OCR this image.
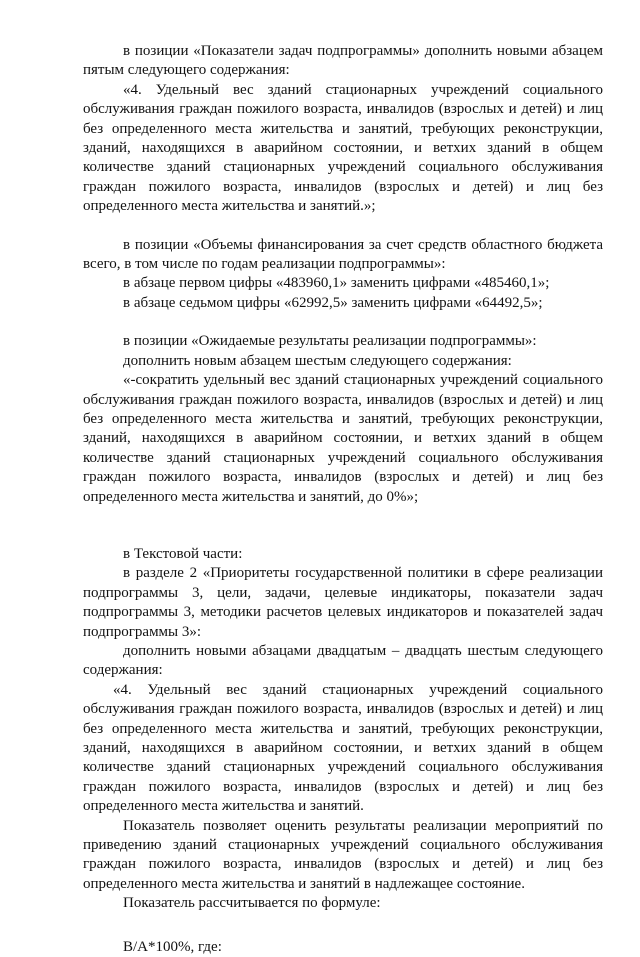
в позиции «Показатели задач подпрограммы» дополнить новыми абзацем пятым следующего содержания:

«4. Удельный вес зданий стационарных учреждений социального обслуживания граждан пожилого возраста, инвалидов (взрослых и детей) и лиц без определенного места жительства и занятий, требующих реконструкции, зданий, находящихся в аварийном состоянии, и ветхих зданий в общем количестве зданий стационарных учреждений социального обслуживания граждан пожилого возраста, инвалидов (взрослых и детей) и лиц без определенного места жительства и занятий.»;

в позиции «Объемы финансирования за счет средств областного бюджета всего, в том числе по годам реализации подпрограммы»:

в абзаце первом цифры «483960,1» заменить цифрами «485460,1»;

в абзаце седьмом цифры «62992,5» заменить цифрами «64492,5»;

в позиции «Ожидаемые результаты реализации подпрограммы»:

дополнить новым абзацем шестым следующего содержания:

«-сократить удельный вес зданий стационарных учреждений социального обслуживания граждан пожилого возраста, инвалидов (взрослых и детей) и лиц без определенного места жительства и занятий, требующих реконструкции, зданий, находящихся в аварийном состоянии, и ветхих зданий в общем количестве зданий стационарных учреждений социального обслуживания граждан пожилого возраста, инвалидов (взрослых и детей) и лиц без определенного места жительства и занятий, до 0%»;

в Текстовой части:

в разделе 2 «Приоритеты государственной политики в сфере реализации подпрограммы 3, цели, задачи, целевые индикаторы, показатели задач подпрограммы 3, методики расчетов целевых индикаторов и показателей задач подпрограммы 3»:

дополнить новыми абзацами двадцатым – двадцать шестым следующего содержания:

«4. Удельный вес зданий стационарных учреждений социального обслуживания граждан пожилого возраста, инвалидов (взрослых и детей) и лиц без определенного места жительства и занятий, требующих реконструкции, зданий, находящихся в аварийном состоянии, и ветхих зданий в общем количестве зданий стационарных учреждений социального обслуживания граждан пожилого возраста, инвалидов (взрослых и детей) и лиц без определенного места жительства и занятий.

Показатель позволяет оценить результаты реализации мероприятий по приведению зданий стационарных учреждений социального обслуживания граждан пожилого возраста, инвалидов (взрослых и детей) и лиц без определенного места жительства и занятий в надлежащее состояние.

Показатель рассчитывается по формуле:

В/А*100%, где:
